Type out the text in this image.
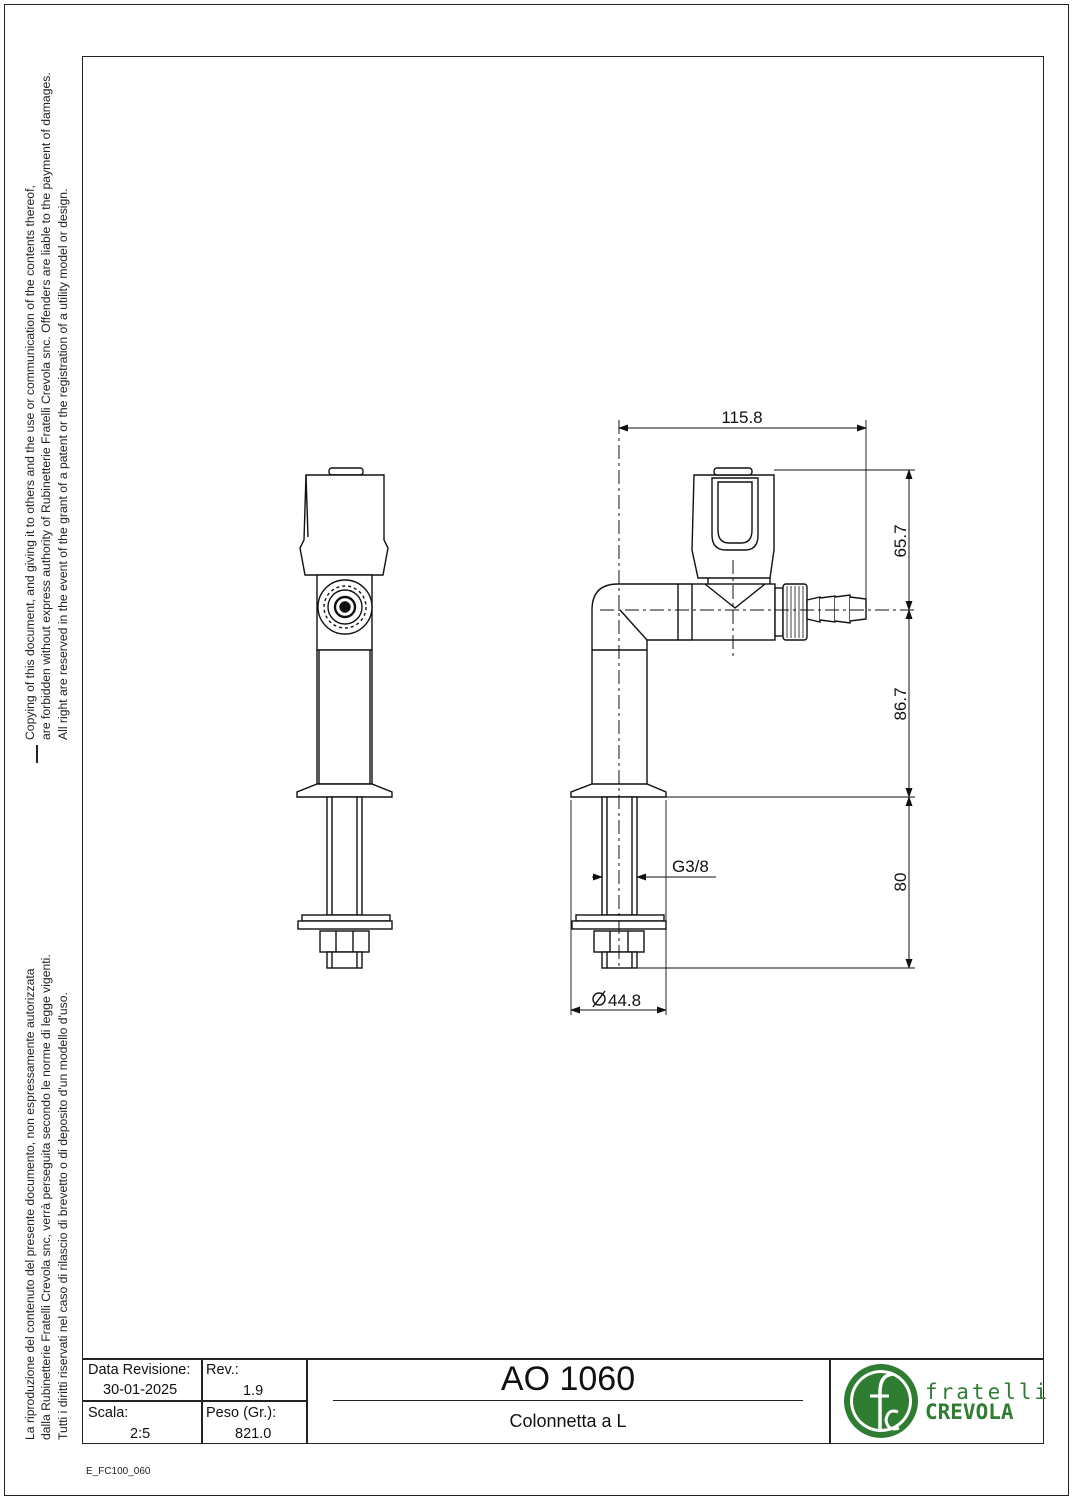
Copying of this document, and giving it to others and the use or communication of the contents thereof, are forbidden without express authority of Rubinetterie Fratelli Crevola snc. Offenders are liable to the payment of damages. All right are reserved in the event of the grant of a patent or the registration of a utility model or design.
La riproduzione del contenuto del presente documento, non espressamente autorizzata dalla Rubinetterie Fratelli Crevola snc, verrà perseguita secondo le norme di legge vigenti. Tutti i diritti riservati nel caso di rilascio di brevetto o di deposito d'un modello d'uso.
115.8
65.7
86.7
80
G3/8
44.8
Data Revisione:
30-01-2025
Rev.:
1.9
Scala:
2:5
Peso (Gr.):
821.0
AO 1060
Colonnetta a L
fratelli
CREVOLA
E_FC100_060
